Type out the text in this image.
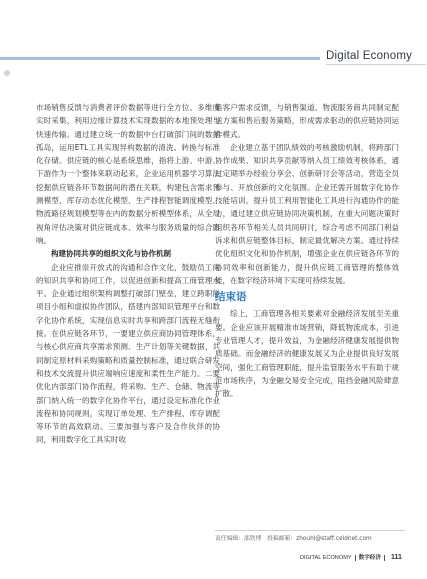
Digital Economy

市场销售反馈与消费者评价数据等进行全方位、多维度实时采集，利用边缘计算技术实现数据的本地预处理与快速传输。通过建立统一的数据中台打破部门间的数据孤岛，运用ETL工具实现异构数据的清洗、转换与标准化存储。供应链的核心是系统思维，指将上游、中游、下游作为一个整体来联动起来，企业运用机器学习算法挖掘供应链各环节数据间的潜在关联，构建包含需求预测模型、库存动态优化模型、生产排程智能调度模型、物流路径规划模型等在内的数据分析模型体系，从全局视角评估决策对供应链成本、效率与服务质量的综合影响。

构建协同共享的组织文化与协作机制

企业应推崇开放式的沟通和合作文化，鼓励员工间的知识共享和协同工作，以促进创新和提高工商管理水平。企业通过组织架构调整打破部门壁垒，建立跨职能项目小组和虚拟协作团队，搭建内部知识管理平台和数字化协作系统，实现信息实时共享和跨部门流程无缝衔接。在供应链各环节，一要建立供应商协同管理体系，与核心供应商共享需求预测、生产计划等关键数据，共同制定原材料采购策略和质量控制标准，通过联合研发和技术交流提升供应端响应速度和柔性生产能力。二要优化内部部门协作流程，将采购、生产、仓储、物流等部门纳入统一的数字化协作平台，通过设定标准化作业流程和协同规则，实现订单处理、生产排程、库存调配等环节的高效联动。三要加强与客户及合作伙伴的协同，利用数字化工具实时收

集客户需求反馈，与销售渠道、物流服务商共同制定配送方案和售后服务策略，形成需求驱动的供应链协同运作模式。

企业建立基于团队绩效的考核激励机制，将跨部门协作成果、知识共享贡献等纳入员工绩效考核体系，通过定期举办经验分享会、创新研讨会等活动，营造全员参与、开放创新的文化氛围。企业还需开展数字化协作技能培训，提升员工利用智能化工具进行沟通协作的能力，通过建立供应链协同决策机制，在重大问题决策时组织各环节相关人员共同研讨，综合考虑不同部门利益诉求和供应链整体目标，制定最优解决方案。通过持续优化组织文化和协作机制，增强企业在供应链各环节的协同效率和创新能力，提升供应链工商管理的整体效能，在数字经济环境下实现可持续发展。

结束语

综上，工商管理各相关要素对金融经济发展至关重要。企业应该开展精准市场营销，降低物流成本，引进专业管理人才，提升效益，为金融经济健康发展提供物质基础。而金融经济的健康发展又为企业提供良好发展空间，强化工商管理职能，提升监管服务水平有助于规范市场秩序，为金融交易安全完成，阻挡金融风险肆意扩散。

责任编辑：邵铁博　投稿邮箱：zhouhl@staff.ceidnet.com
DIGITAL ECONOMY 数字经济 111
